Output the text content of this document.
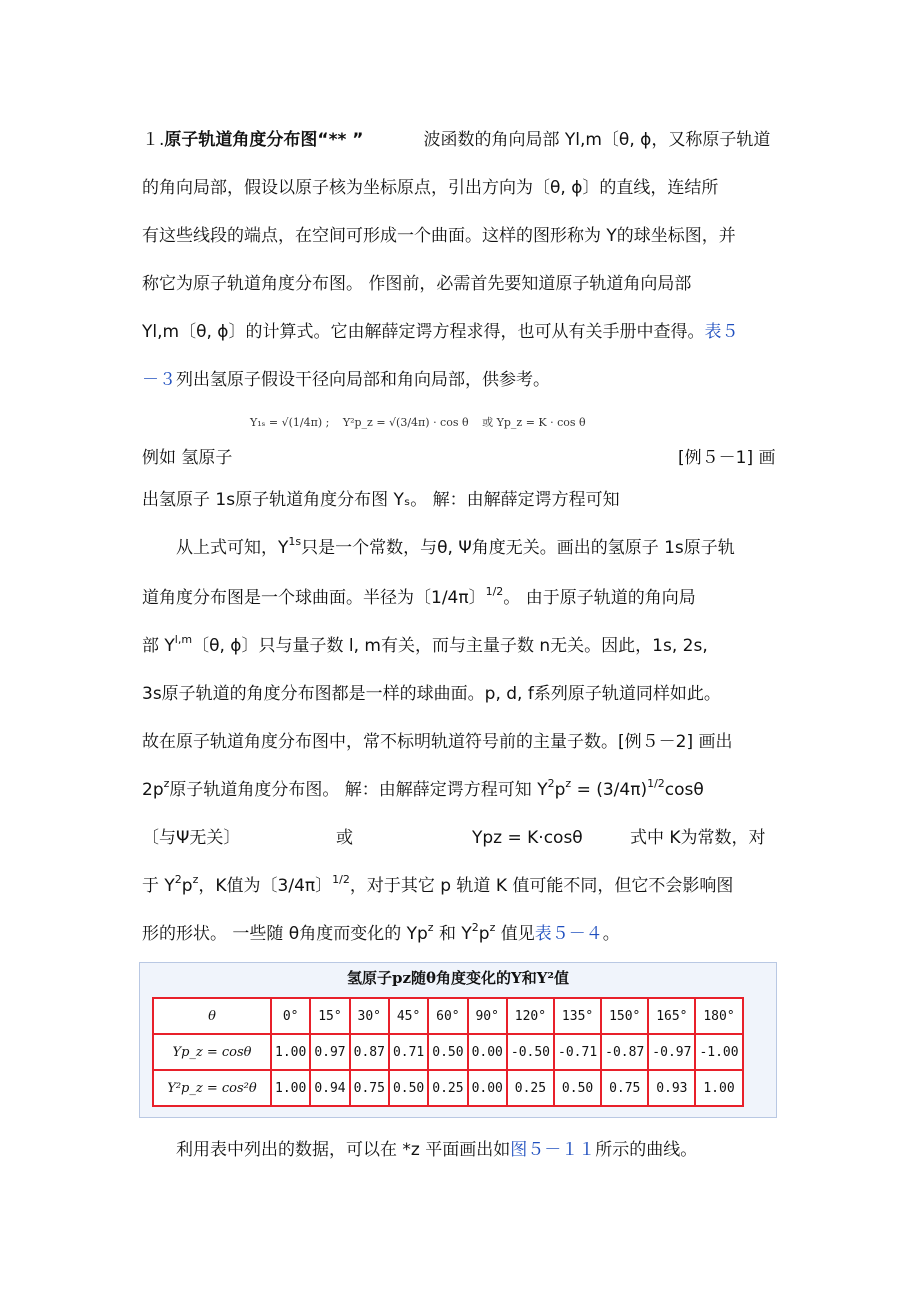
１.原子轨道角度分布图“** ”	波函数的角向局部 Yl,m〔θ, ϕ，又称原子轨道
的角向局部，假设以原子核为坐标原点，引出方向为〔θ, ϕ〕的直线，连结所
有这些线段的端点，在空间可形成一个曲面。这样的图形称为 Y的球坐标图，并
称它为原子轨道角度分布图。 作图前，必需首先要知道原子轨道角向局部
Yl,m〔θ, ϕ〕的计算式。它由解薛定谔方程求得，也可从有关手册中查得。表５
－３列出氢原子假设干径向局部和角向局部，供参考。
Y₁ₛ = √(1/4π) ; Y²p_z = √(3/4π) · cos θ 或 Yp_z = K · cos θ
例如 氢原子	[例５－1] 画
出氢原子 1s原子轨道角度分布图 Yₛ。 解：由解薛定谔方程可知
从上式可知，$Y^{1s}$只是一个常数，与θ, Ψ角度无关。画出的氢原子 1s原子轨
道角度分布图是一个球曲面。半径为〔1/4π〕$^{1/2}$。 由于原子轨道的角向局
部 Y$^{l,m}$〔θ, ϕ〕只与量子数 l, m有关，而与主量子数 n无关。因此，1s, 2s,
3s原子轨道的角度分布图都是一样的球曲面。p, d, f系列原子轨道同样如此。
故在原子轨道角度分布图中，常不标明轨道符号前的主量子数。[例５－2] 画出
$2p^z$原子轨道角度分布图。 解：由解薛定谔方程可知 $Y^2p^z = (3/4\pi)^{1/2}\cos\theta$
〔与Ψ无关〕	或	Ypz = K·cosθ	式中 K为常数，对
于 $Y^2p^z$，K值为〔3/4π〕$^{1/2}$，对于其它 p 轨道 K 值可能不同，但它不会影响图
形的形状。 一些随 θ角度而变化的 Yp$^z$ 和 $Y^2p^z$ 值见表５－４。
氢原子pz随θ角度变化的Y和Y²值
θ	0°	15°	30°	45°	60°	90°	120°	135°	150°	165°	180°
Yp_z = cosθ	1.00	0.97	0.87	0.71	0.50	0.00	-0.50	-0.71	-0.87	-0.97	-1.00
Y²p_z = cos²θ	1.00	0.94	0.75	0.50	0.25	0.00	0.25	0.50	0.75	0.93	1.00
利用表中列出的数据，可以在 *z 平面画出如图５－１１所示的曲线。
